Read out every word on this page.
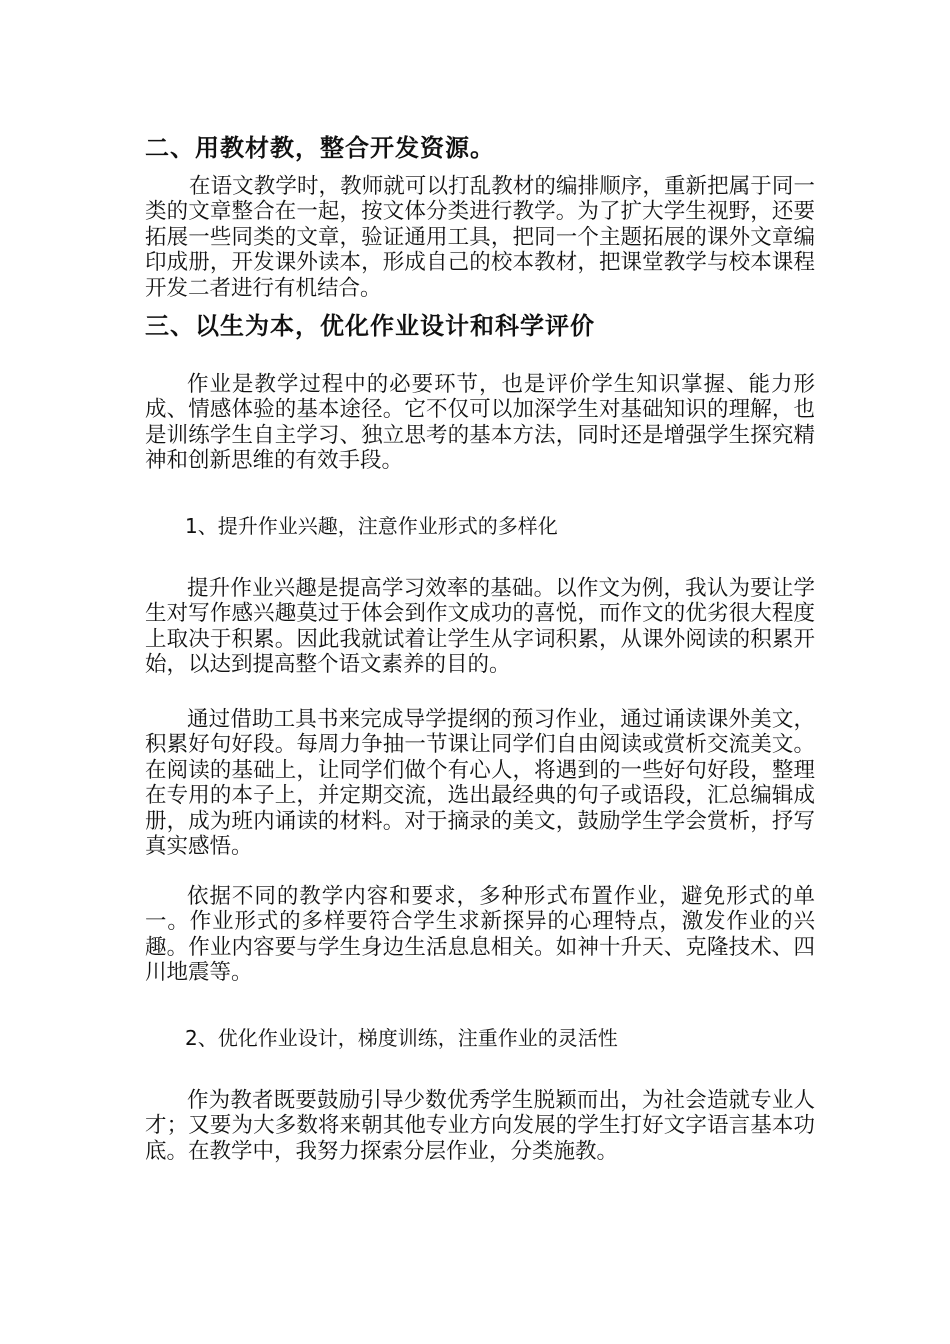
二、用教材教，整合开发资源。

在语文教学时，教师就可以打乱教材的编排顺序，重新把属于同一类的文章整合在一起，按文体分类进行教学。为了扩大学生视野，还要拓展一些同类的文章，验证通用工具，把同一个主题拓展的课外文章编印成册，开发课外读本，形成自己的校本教材，把课堂教学与校本课程开发二者进行有机结合。

三、以生为本，优化作业设计和科学评价

作业是教学过程中的必要环节，也是评价学生知识掌握、能力形成、情感体验的基本途径。它不仅可以加深学生对基础知识的理解，也是训练学生自主学习、独立思考的基本方法，同时还是增强学生探究精神和创新思维的有效手段。

1、提升作业兴趣，注意作业形式的多样化

提升作业兴趣是提高学习效率的基础。以作文为例，我认为要让学生对写作感兴趣莫过于体会到作文成功的喜悦，而作文的优劣很大程度上取决于积累。因此我就试着让学生从字词积累，从课外阅读的积累开始，以达到提高整个语文素养的目的。

通过借助工具书来完成导学提纲的预习作业，通过诵读课外美文，积累好句好段。每周力争抽一节课让同学们自由阅读或赏析交流美文。在阅读的基础上，让同学们做个有心人，将遇到的一些好句好段，整理在专用的本子上，并定期交流，选出最经典的句子或语段，汇总编辑成册，成为班内诵读的材料。对于摘录的美文，鼓励学生学会赏析，抒写真实感悟。

依据不同的教学内容和要求，多种形式布置作业，避免形式的单一。作业形式的多样要符合学生求新探异的心理特点，激发作业的兴趣。作业内容要与学生身边生活息息相关。如神十升天、克隆技术、四川地震等。

2、优化作业设计，梯度训练，注重作业的灵活性

作为教者既要鼓励引导少数优秀学生脱颖而出，为社会造就专业人才；又要为大多数将来朝其他专业方向发展的学生打好文字语言基本功底。在教学中，我努力探索分层作业，分类施教。
